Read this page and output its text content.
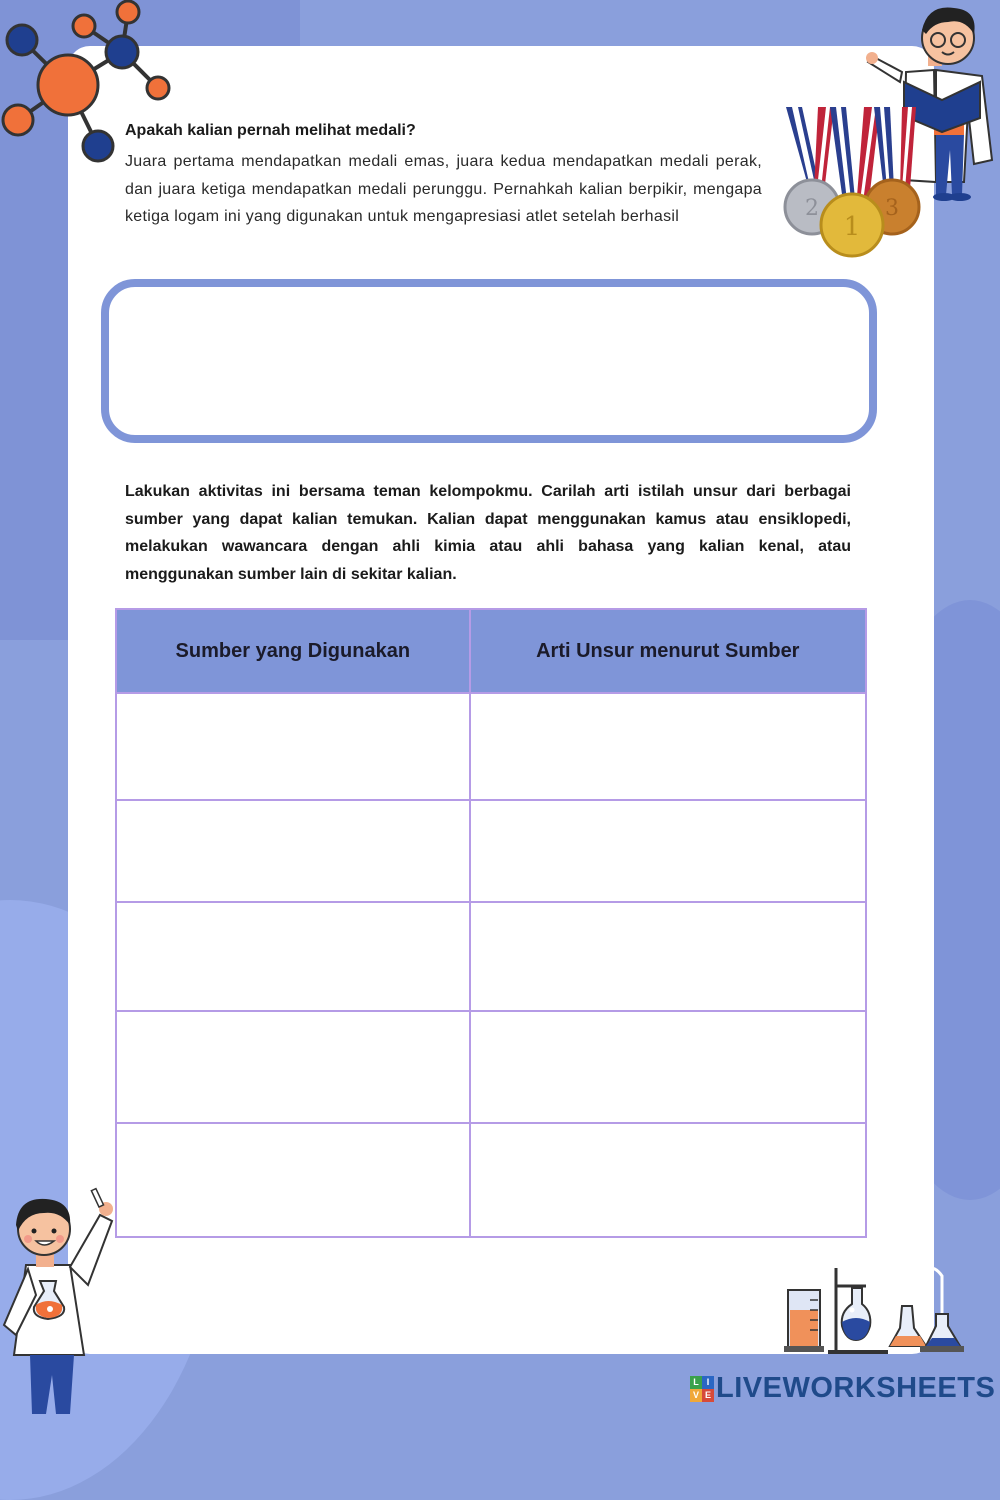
2
1
3
Apakah kalian pernah melihat medali?
Juara pertama mendapatkan medali emas, juara kedua mendapatkan medali perak, dan juara ketiga mendapatkan medali perunggu. Pernahkah kalian berpikir, mengapa ketiga logam ini yang digunakan untuk mengapresiasi atlet setelah berhasil
Lakukan aktivitas ini bersama teman kelompokmu. Carilah arti istilah unsur dari berbagai sumber yang dapat kalian temukan. Kalian dapat menggunakan kamus atau ensiklopedi, melakukan wawancara dengan ahli kimia atau ahli bahasa yang kalian kenal, atau menggunakan sumber lain di sekitar kalian.
Sumber yang Digunakan	Arti Unsur menurut Sumber

L I
V E LIVEWORKSHEETS
